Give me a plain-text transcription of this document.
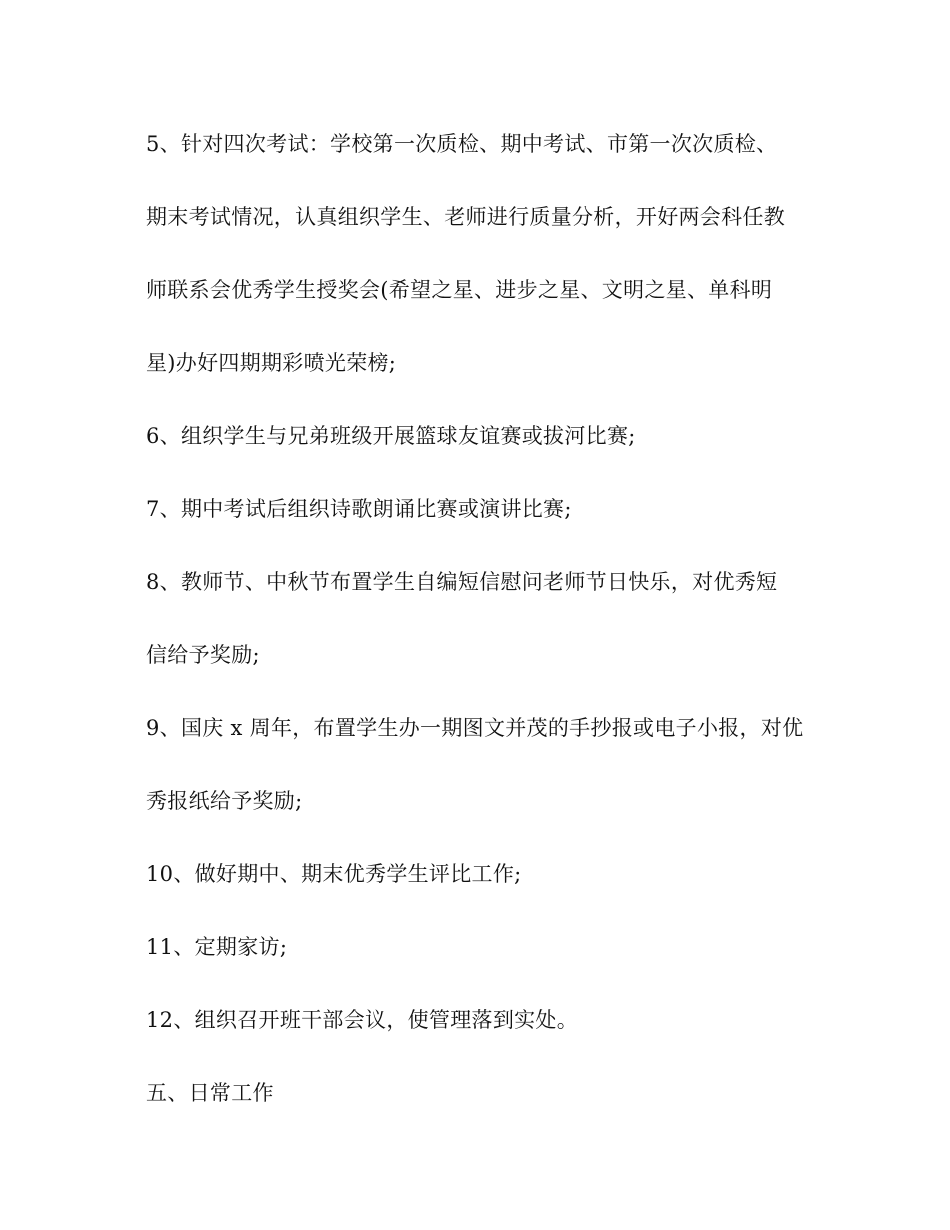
5、针对四次考试：学校第一次质检、期中考试、市第一次次质检、
期末考试情况，认真组织学生、老师进行质量分析，开好两会科任教
师联系会优秀学生授奖会(希望之星、进步之星、文明之星、单科明
星)办好四期期彩喷光荣榜;
6、组织学生与兄弟班级开展篮球友谊赛或拔河比赛;
7、期中考试后组织诗歌朗诵比赛或演讲比赛;
8、教师节、中秋节布置学生自编短信慰问老师节日快乐，对优秀短
信给予奖励;
9、国庆 x 周年，布置学生办一期图文并茂的手抄报或电子小报，对优
秀报纸给予奖励;
10、做好期中、期末优秀学生评比工作;
11、定期家访;
12、组织召开班干部会议，使管理落到实处。
五、日常工作
